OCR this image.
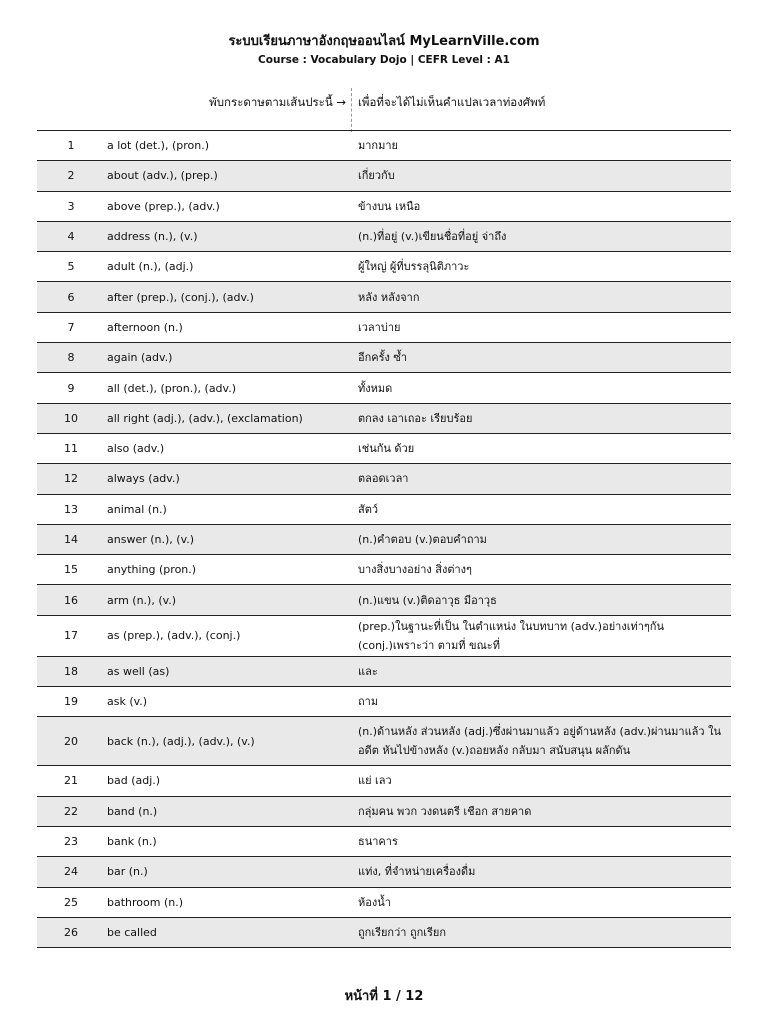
ระบบเรียนภาษาอังกฤษออนไลน์ MyLearnVille.com
Course : Vocabulary Dojo | CEFR Level : A1
พับกระดาษตามเส้นประนี้ → เพื่อที่จะได้ไม่เห็นคำแปลเวลาท่องศัพท์
1	a lot (det.), (pron.)	มากมาย
2	about (adv.), (prep.)	เกี่ยวกับ
3	above (prep.), (adv.)	ข้างบน เหนือ
4	address (n.), (v.)	(n.)ที่อยู่ (v.)เขียนชื่อที่อยู่ จ่าถึง
5	adult (n.), (adj.)	ผู้ใหญ่ ผู้ที่บรรลุนิติภาวะ
6	after (prep.), (conj.), (adv.)	หลัง หลังจาก
7	afternoon (n.)	เวลาบ่าย
8	again (adv.)	อีกครั้ง ซ้ำ
9	all (det.), (pron.), (adv.)	ทั้งหมด
10	all right (adj.), (adv.), (exclamation)	ตกลง เอาเถอะ เรียบร้อย
11	also (adv.)	เช่นกัน ด้วย
12	always (adv.)	ตลอดเวลา
13	animal (n.)	สัตว์
14	answer (n.), (v.)	(n.)คำตอบ (v.)ตอบคำถาม
15	anything (pron.)	บางสิ่งบางอย่าง สิ่งต่างๆ
16	arm (n.), (v.)	(n.)แขน (v.)ติดอาวุธ มีอาวุธ
17	as (prep.), (adv.), (conj.)
(prep.)ในฐานะที่เป็น ในตำแหน่ง ในบทบาท (adv.)อย่างเท่าๆกัน (conj.)เพราะว่า ตามที่ ขณะที่
18	as well (as)	และ
19	ask (v.)	ถาม
20	back (n.), (adj.), (adv.), (v.)
(n.)ด้านหลัง ส่วนหลัง (adj.)ซึ่งผ่านมาแล้ว อยู่ด้านหลัง (adv.)ผ่านมาแล้ว ในอดีต หันไปข้างหลัง (v.)ถอยหลัง กลับมา สนับสนุน ผลักดัน
21	bad (adj.)	แย่ เลว
22	band (n.)	กลุ่มคน พวก วงดนตรี เชือก สายคาด
23	bank (n.)	ธนาคาร
24	bar (n.)	แท่ง, ที่จำหน่ายเครื่องดื่ม
25	bathroom (n.)	ห้องน้ำ
26	be called	ถูกเรียกว่า ถูกเรียก
หน้าที่ 1 / 12
